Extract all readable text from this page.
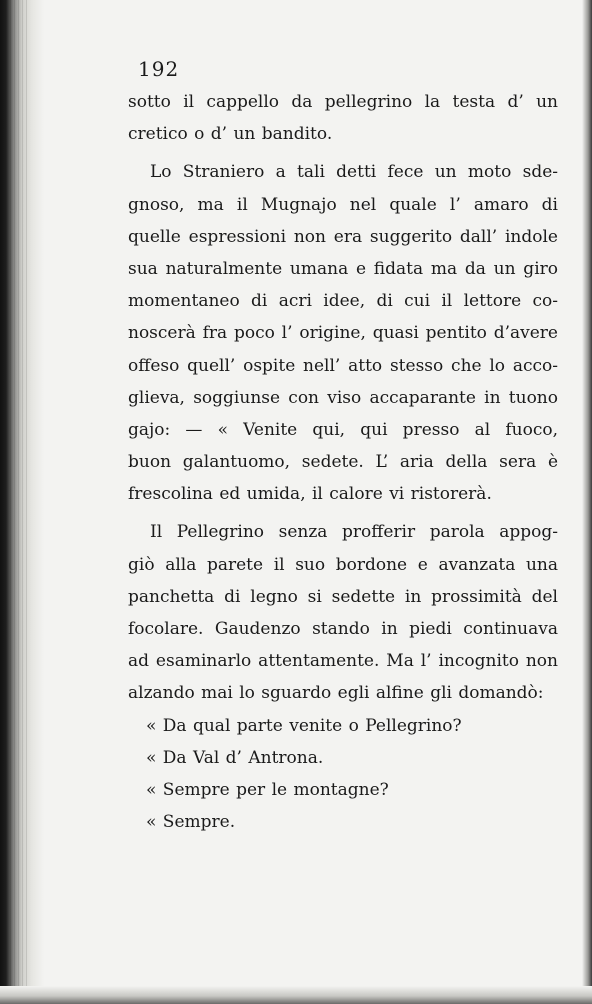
192
sotto il cappello da pellegrino la testa d’ un
cretico o d’ un bandito.
Lo Straniero a tali detti fece un moto sde-
gnoso, ma il Mugnajo nel quale l’ amaro di
quelle espressioni non era suggerito dall’ indole
sua naturalmente umana e fidata ma da un giro
momentaneo di acri idee, di cui il lettore co-
noscerà fra poco l’ origine, quasi pentito d’avere
offeso quell’ ospite nell’ atto stesso che lo acco-
glieva, soggiunse con viso accaparante in tuono
gajo: — « Venite qui, qui presso al fuoco,
buon galantuomo, sedete. L’ aria della sera è
frescolina ed umida, il calore vi ristorerà.
Il Pellegrino senza profferir parola appog-
giò alla parete il suo bordone e avanzata una
panchetta di legno si sedette in prossimità del
focolare. Gaudenzo stando in piedi continuava
ad esaminarlo attentamente. Ma l’ incognito non
alzando mai lo sguardo egli alfine gli domandò:
« Da qual parte venite o Pellegrino?
« Da Val d’ Antrona.
« Sempre per le montagne?
« Sempre.
